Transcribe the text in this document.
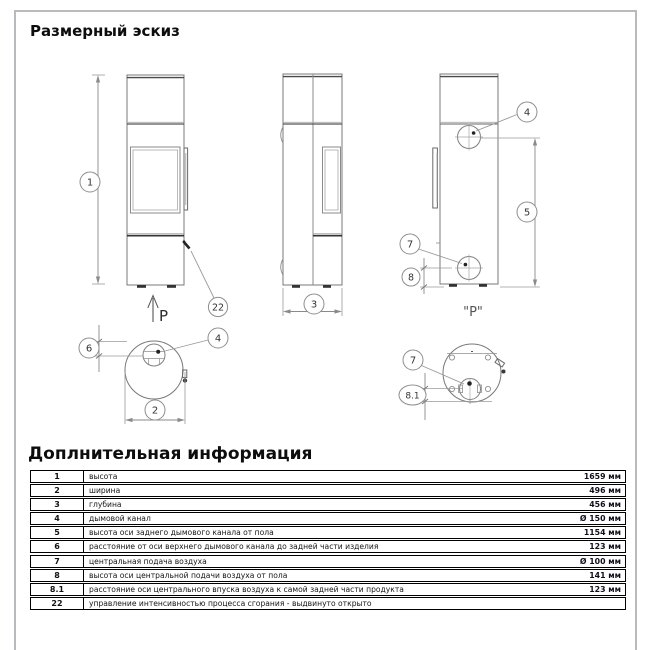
Размерный эскиз
P
1
22	3
4
5
7
8
"Р"
6
4
2
7
8.1
Доплнительная информация
1	высота	1659 мм
2	ширина	496 мм
3	глубина	456 мм
4	дымовой канал	Ø 150 мм
5	высота оси заднего дымового канала от пола	1154 мм
6	расстояние от оси верхнего дымового канала до задней части изделия	123 мм
7	центральная подача воздуха	Ø 100 мм
8	высота оси центральной подачи воздуха от пола	141 мм
8.1	расстояние оси центрального впуска воздуха к самой задней части продукта	123 мм
22	управление интенсивностью процесса сгорания - выдвинуто открыто
